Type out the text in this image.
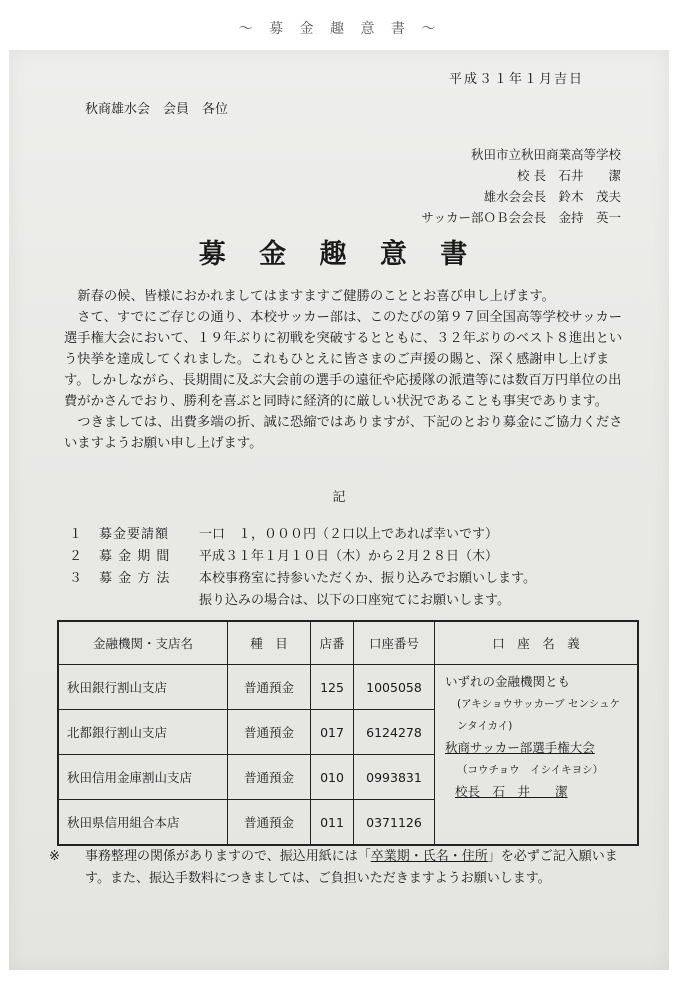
～ 募 金 趣 意 書 ～
平成３１年１月吉日
秋商雄水会　会員　各位
秋田市立秋田商業高等学校
校 長　石井　　潔
雄水会会長　鈴木　茂夫
サッカー部ＯＢ会会長　金持　英一
募 金 趣 意 書

新春の候、皆様におかれましてはますますご健勝のこととお喜び申し上げます。

さて、すでにご存じの通り、本校サッカー部は、このたびの第９７回全国高等学校サッカー選手権大会において、１９年ぶりに初戦を突破するとともに、３２年ぶりのベスト８進出という快挙を達成してくれました。これもひとえに皆さまのご声援の賜と、深く感謝申し上げます。しかしながら、長期間に及ぶ大会前の選手の遠征や応援隊の派遣等には数百万円単位の出費がかさんでおり、勝利を喜ぶと同時に経済的に厳しい状況であることも事実であります。

つきましては、出費多端の折、誠に恐縮ではありますが、下記のとおり募金にご協力くださいますようお願い申し上げます。

記
１	募金要請額	一口　１，０００円（２口以上であれば幸いです）
２	募 金 期 間	平成３１年１月１０日（木）から２月２８日（木）
３	募 金 方 法	本校事務室に持参いただくか、振り込みでお願いします。
振り込みの場合は、以下の口座宛てにお願いします。
金融機関・支店名	種　目	店番	口座番号	口　座　名　義
秋田銀行割山支店	普通預金	125	1005058	いずれの金融機関とも
(アキショウサッカーブ センシュケンタイカイ)
秋商サッカー部選手権大会
（コウチョウ　イシイキヨシ）
校長　石　井　　潔

北都銀行割山支店	普通預金	017	6124278	
秋田信用金庫割山支店	普通預金	010	0993831	
秋田県信用組合本店	普通預金	011	0371126	
※ 事務整理の関係がありますので、振込用紙には「卒業期・氏名・住所」を必ずご記入願います。また、振込手数料につきましては、ご負担いただきますようお願いします。
